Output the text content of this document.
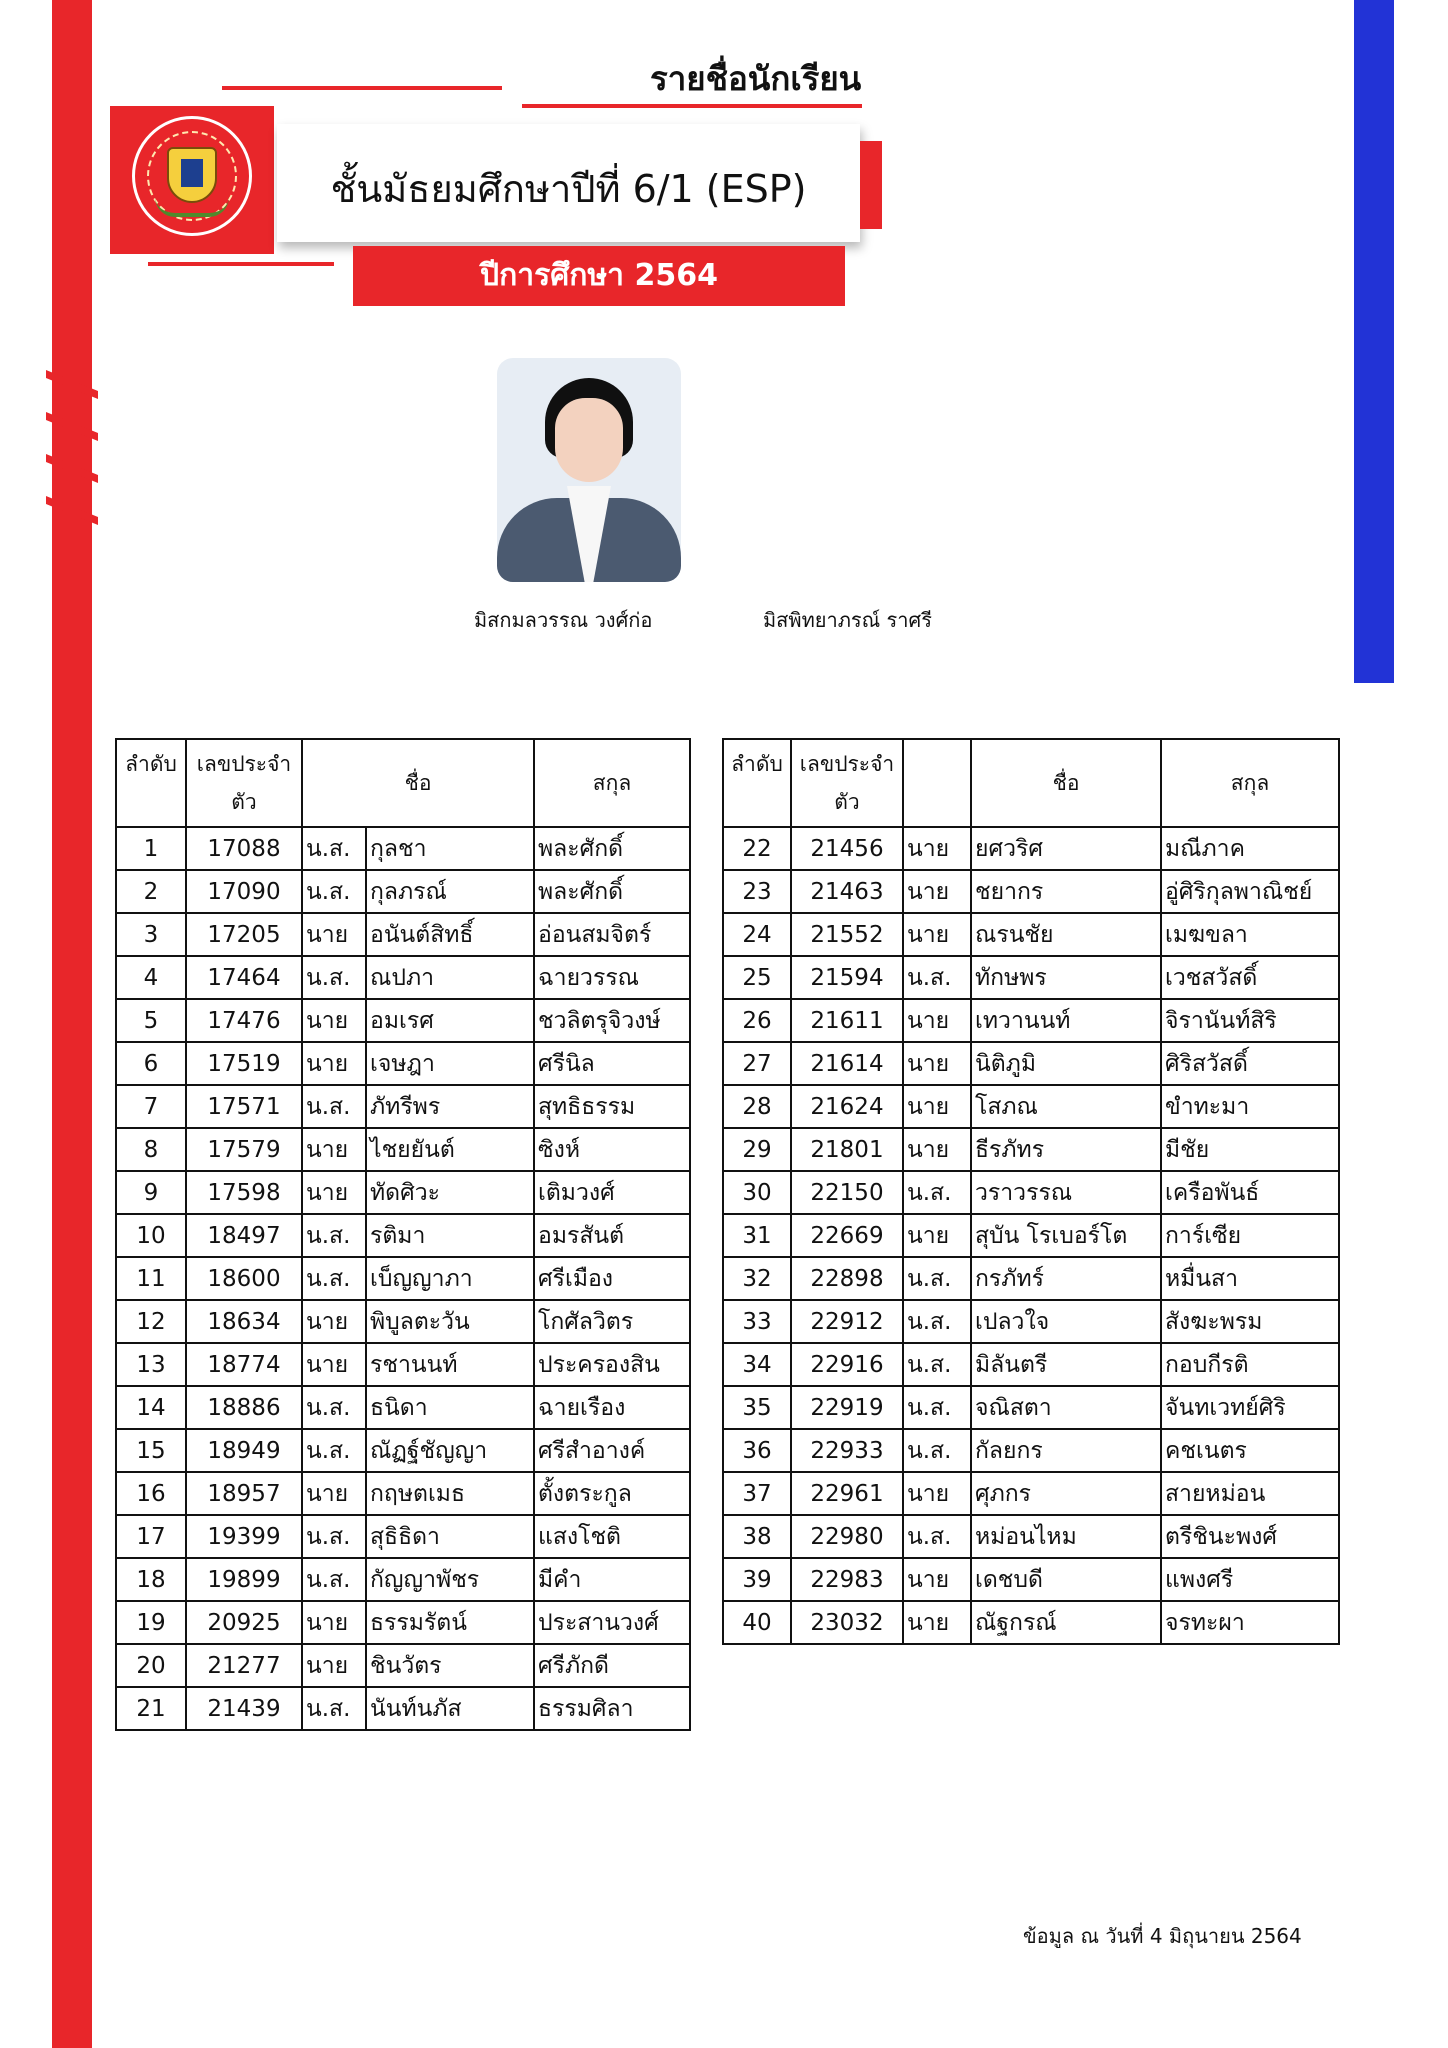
รายชื่อนักเรียน
ชั้นมัธยมศึกษาปีที่ 6/1 (ESP)
ปีการศึกษา 2564
มิสกมลวรรณ วงศ์ก่อ	มิสพิทยาภรณ์ ราศรี
ลำดับ	เลขประจำตัว	ชื่อ		สกุล
1	17088	น.ส.	กุลชา	พละศักดิ์
2	17090	น.ส.	กุลภรณ์	พละศักดิ์
3	17205	นาย	อนันต์สิทธิ์	อ่อนสมจิตร์
4	17464	น.ส.	ณปภา	ฉายวรรณ
5	17476	นาย	อมเรศ	ชวลิตรุจิวงษ์
6	17519	นาย	เจษฎา	ศรีนิล
7	17571	น.ส.	ภัทรีพร	สุทธิธรรม
8	17579	นาย	ไชยยันต์	ซิงห์
9	17598	นาย	ทัดศิวะ	เติมวงศ์
10	18497	น.ส.	รติมา	อมรสันต์
11	18600	น.ส.	เบ็ญญาภา	ศรีเมือง
12	18634	นาย	พิบูลตะวัน	โกศัลวิตร
13	18774	นาย	รชานนท์	ประครองสิน
14	18886	น.ส.	ธนิดา	ฉายเรือง
15	18949	น.ส.	ณัฏฐ์ชัญญา	ศรีสำอางค์
16	18957	นาย	กฤษตเมธ	ตั้งตระกูล
17	19399	น.ส.	สุธิธิดา	แสงโชติ
18	19899	น.ส.	กัญญาพัชร	มีคำ
19	20925	นาย	ธรรมรัตน์	ประสานวงศ์
20	21277	นาย	ชินวัตร	ศรีภักดี
21	21439	น.ส.	นันท์นภัส	ธรรมศิลา
ลำดับ	เลขประจำตัว		ชื่อ	สกุล
22	21456	นาย	ยศวริศ	มณีภาค
23	21463	นาย	ชยากร	อู่ศิริกุลพาณิชย์
24	21552	นาย	ณรนชัย	เมฆขลา
25	21594	น.ส.	ทักษพร	เวชสวัสดิ์
26	21611	นาย	เทวานนท์	จิรานันท์สิริ
27	21614	นาย	นิติภูมิ	ศิริสวัสดิ์
28	21624	นาย	โสภณ	ขำทะมา
29	21801	นาย	ธีรภัทร	มีชัย
30	22150	น.ส.	วราวรรณ	เครือพันธ์
31	22669	นาย	สุบัน โรเบอร์โต	การ์เซีย
32	22898	น.ส.	กรภัทร์	หมื่นสา
33	22912	น.ส.	เปลวใจ	สังฆะพรม
34	22916	น.ส.	มิลันตรี	กอบกีรติ
35	22919	น.ส.	จณิสตา	จันทเวทย์ศิริ
36	22933	น.ส.	กัลยกร	คชเนตร
37	22961	นาย	ศุภกร	สายหม่อน
38	22980	น.ส.	หม่อนไหม	ตรีชินะพงศ์
39	22983	นาย	เดชบดี	แพงศรี
40	23032	นาย	ณัฐกรณ์	จรทะผา
ข้อมูล ณ วันที่ 4 มิถุนายน 2564
